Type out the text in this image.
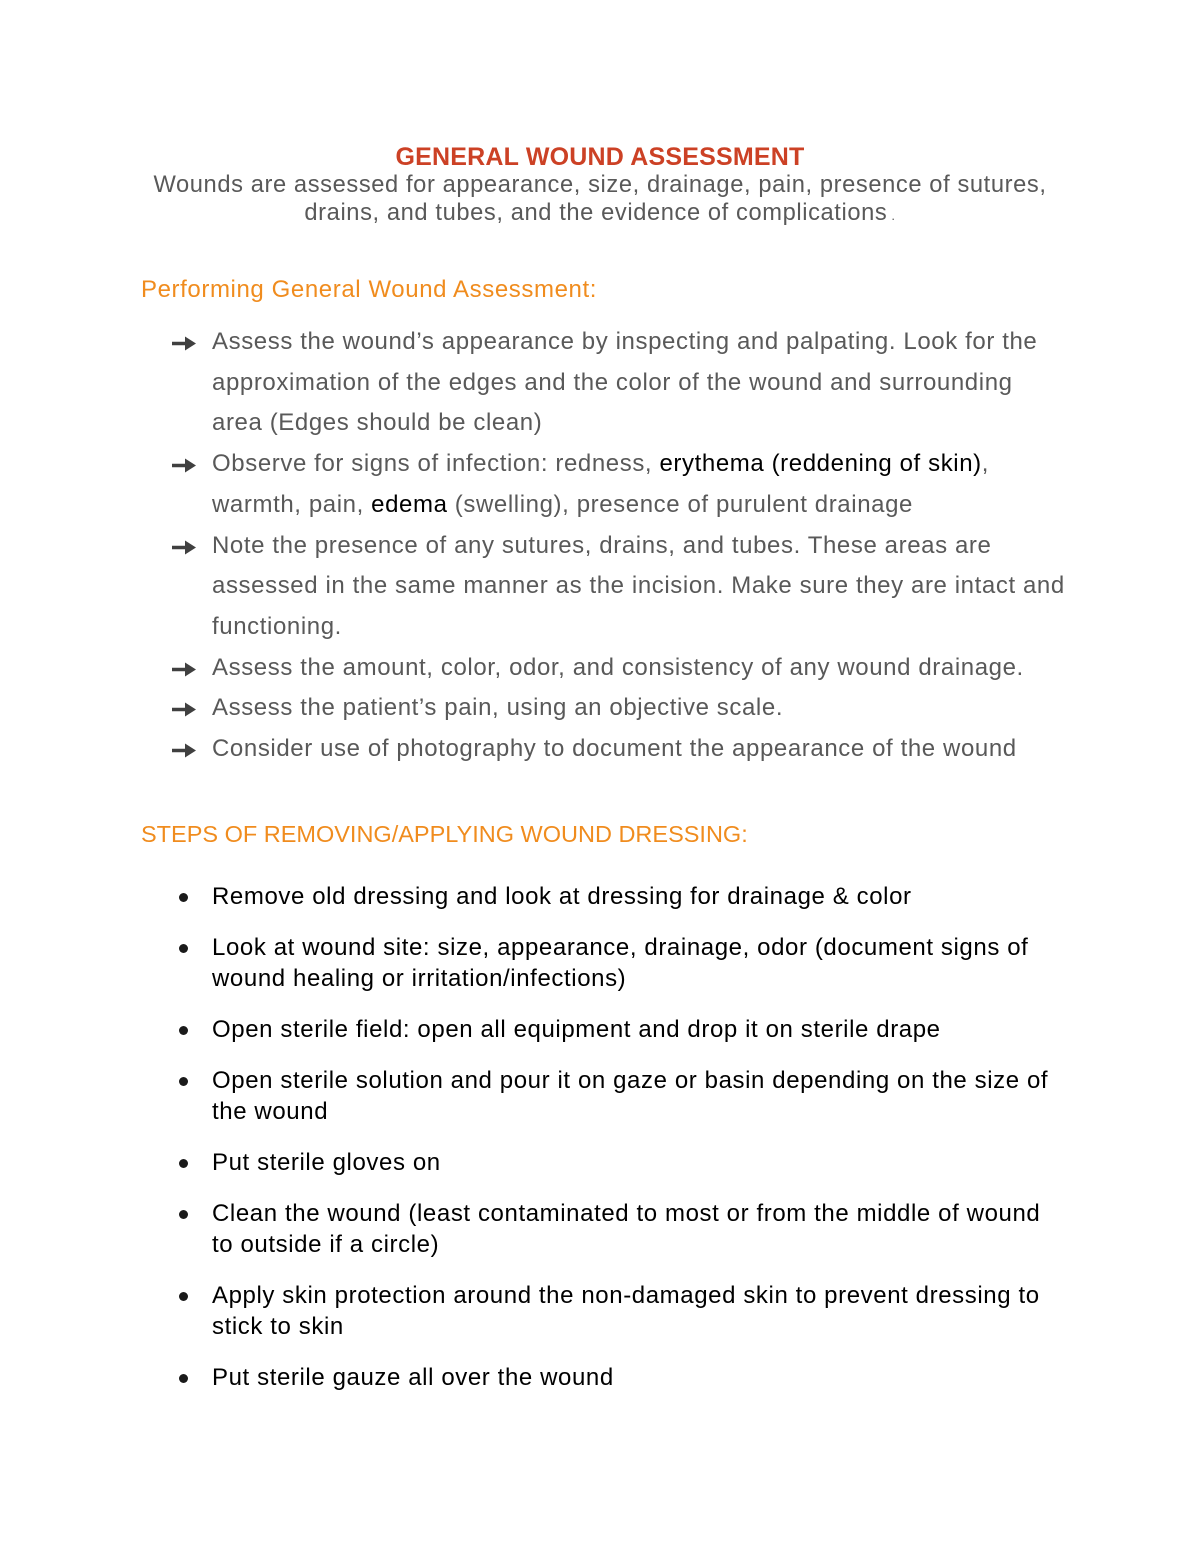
GENERAL WOUND ASSESSMENT
Wounds are assessed for appearance, size, drainage, pain, presence of sutures,
drains, and tubes, and the evidence of complications .
Performing General Wound Assessment:
Assess the wound’s appearance by inspecting and palpating. Look for the
approximation of the edges and the color of the wound and surrounding
area (Edges should be clean)
Observe for signs of infection: redness, erythema (reddening of skin),
warmth, pain, edema (swelling), presence of purulent drainage
Note the presence of any sutures, drains, and tubes. These areas are
assessed in the same manner as the incision. Make sure they are intact and
functioning.
Assess the amount, color, odor, and consistency of any wound drainage.
Assess the patient’s pain, using an objective scale.
Consider use of photography to document the appearance of the wound
STEPS OF REMOVING/APPLYING WOUND DRESSING:
Remove old dressing and look at dressing for drainage & color
Look at wound site: size, appearance, drainage, odor (document signs of
wound healing or irritation/infections)
Open sterile field: open all equipment and drop it on sterile drape
Open sterile solution and pour it on gaze or basin depending on the size of
the wound
Put sterile gloves on
Clean the wound (least contaminated to most or from the middle of wound
to outside if a circle)
Apply skin protection around the non-damaged skin to prevent dressing to
stick to skin
Put sterile gauze all over the wound
